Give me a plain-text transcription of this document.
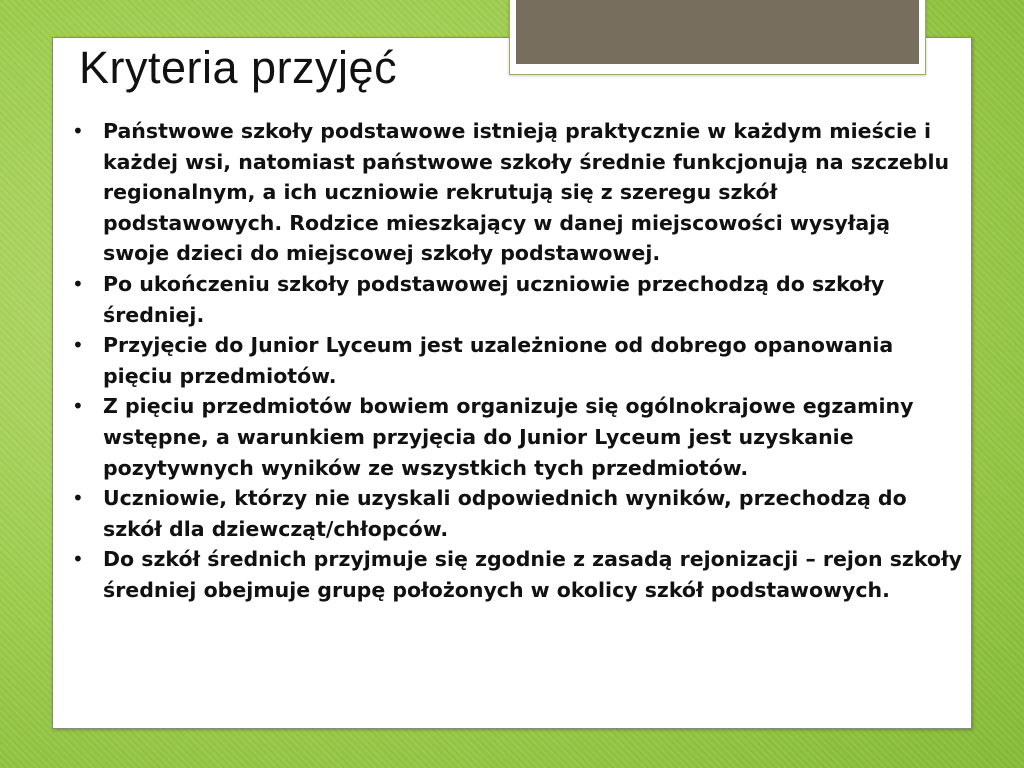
Kryteria przyjęć
• Państwowe szkoły podstawowe istnieją praktycznie w każdym mieście i każdej wsi, natomiast państwowe szkoły średnie funkcjonują na szczeblu regionalnym, a ich uczniowie rekrutują się z szeregu szkół podstawowych. Rodzice mieszkający w danej miejscowości wysyłają swoje dzieci do miejscowej szkoły podstawowej.
• Po ukończeniu szkoły podstawowej uczniowie przechodzą do szkoły średniej.
• Przyjęcie do Junior Lyceum jest uzależnione od dobrego opanowania pięciu przedmiotów.
• Z pięciu przedmiotów bowiem organizuje się ogólnokrajowe egzaminy wstępne, a warunkiem przyjęcia do Junior Lyceum jest uzyskanie pozytywnych wyników ze wszystkich tych przedmiotów.
• Uczniowie, którzy nie uzyskali odpowiednich wyników, przechodzą do szkół dla dziewcząt/chłopców.
• Do szkół średnich przyjmuje się zgodnie z zasadą rejonizacji – rejon szkoły średniej obejmuje grupę położonych w okolicy szkół podstawowych.
